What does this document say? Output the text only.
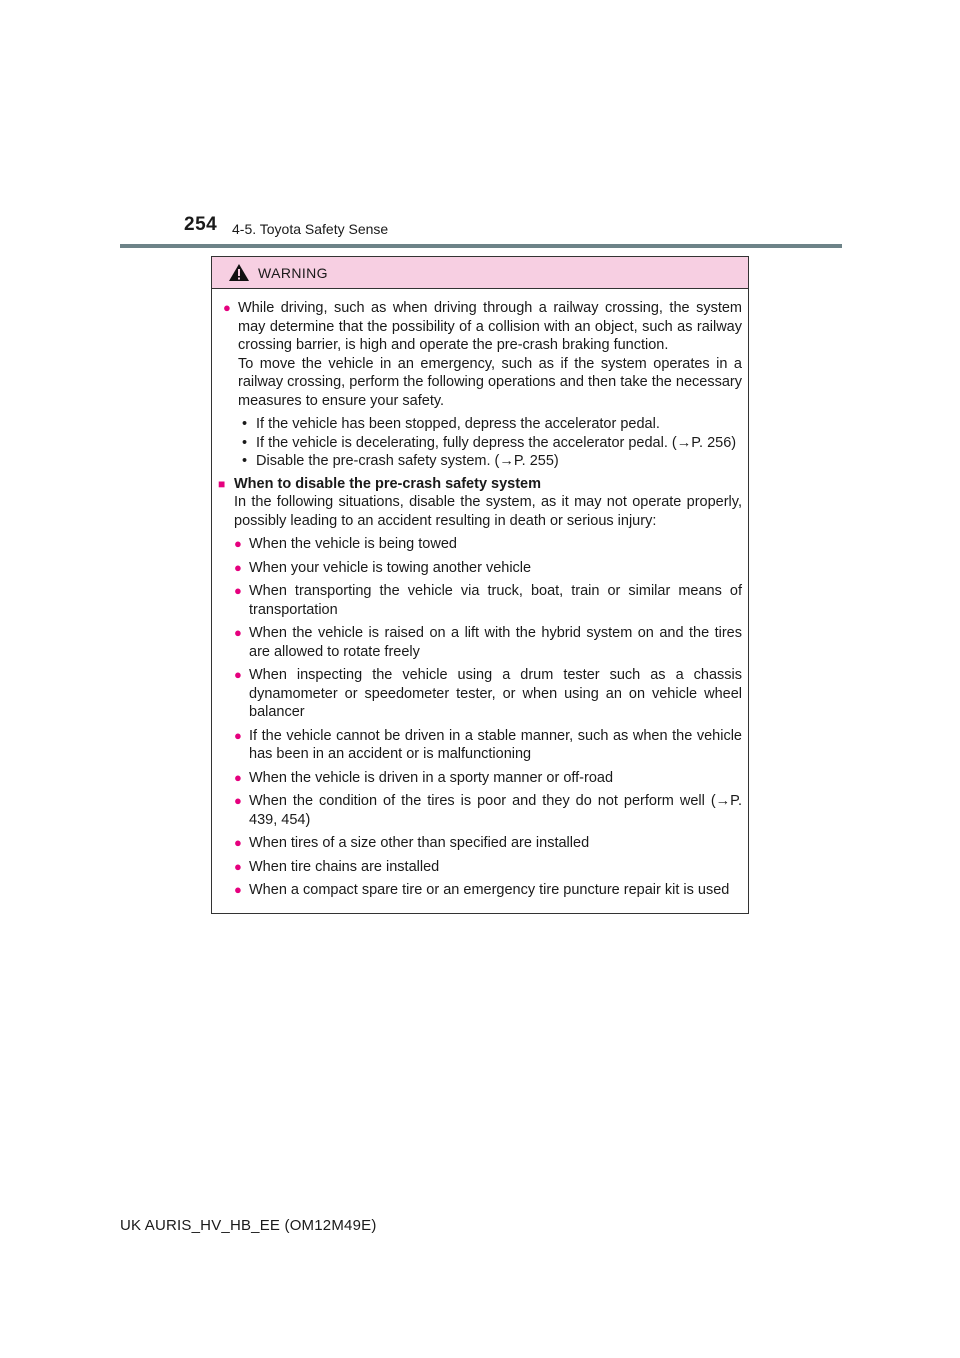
254 4-5. Toyota Safety Sense
WARNING
● While driving, such as when driving through a railway crossing, the system may determine that the possibility of a collision with an object, such as railway crossing barrier, is high and operate the pre-crash braking function.
To move the vehicle in an emergency, such as if the system operates in a railway crossing, perform the following operations and then take the necessary measures to ensure your safety.
• If the vehicle has been stopped, depress the accelerator pedal.
• If the vehicle is decelerating, fully depress the accelerator pedal. (→P. 256)
• Disable the pre-crash safety system. (→P. 255)
■ When to disable the pre-crash safety system
In the following situations, disable the system, as it may not operate properly, possibly leading to an accident resulting in death or serious injury:
● When the vehicle is being towed
● When your vehicle is towing another vehicle
● When transporting the vehicle via truck, boat, train or similar means of transportation
● When the vehicle is raised on a lift with the hybrid system on and the tires are allowed to rotate freely
● When inspecting the vehicle using a drum tester such as a chassis dynamometer or speedometer tester, or when using an on vehicle wheel balancer
● If the vehicle cannot be driven in a stable manner, such as when the vehicle has been in an accident or is malfunctioning
● When the vehicle is driven in a sporty manner or off-road
● When the condition of the tires is poor and they do not perform well (→P. 439, 454)
● When tires of a size other than specified are installed
● When tire chains are installed
● When a compact spare tire or an emergency tire puncture repair kit is used
UK AURIS_HV_HB_EE (OM12M49E)
